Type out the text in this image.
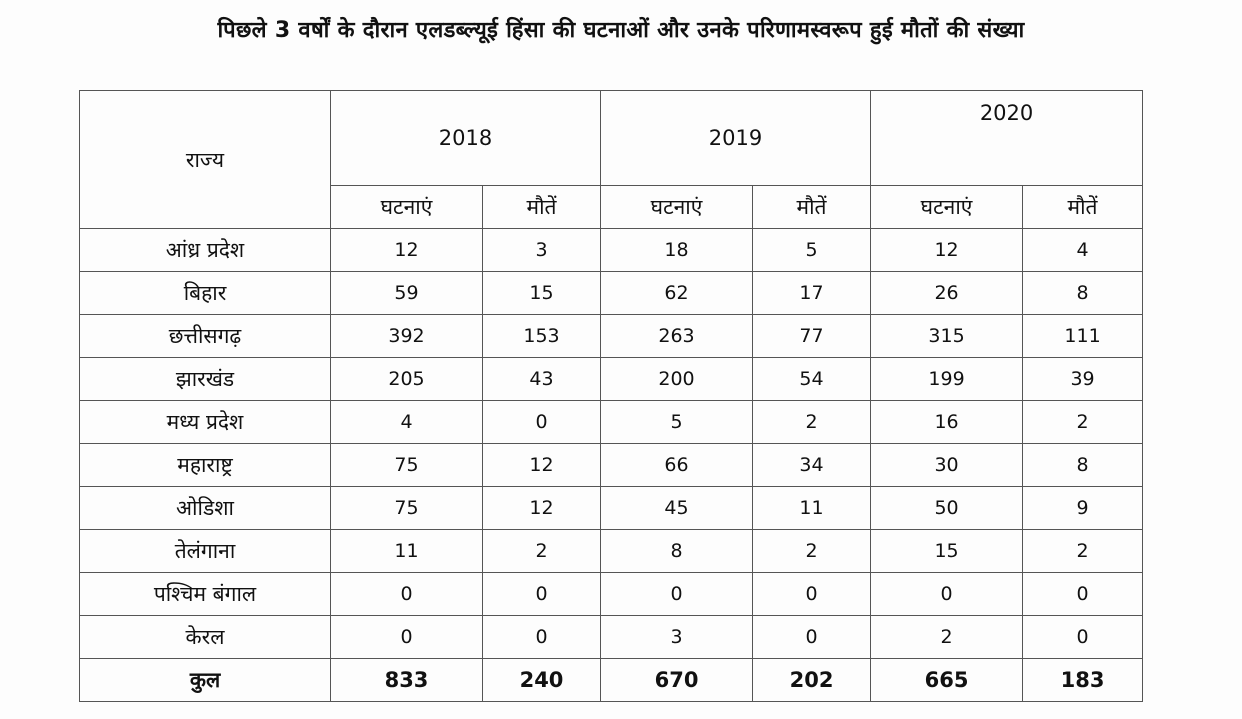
पिछले 3 वर्षों के दौरान एलडब्ल्यूई हिंसा की घटनाओं और उनके परिणामस्वरूप हुई मौतों की संख्या
राज्य	2018		2019		2020	
	घटनाएं	मौतें	घटनाएं	मौतें	घटनाएं	मौतें
आंध्र प्रदेश	12	3	18	5	12	4
बिहार	59	15	62	17	26	8
छत्तीसगढ़	392	153	263	77	315	111
झारखंड	205	43	200	54	199	39
मध्य प्रदेश	4	0	5	2	16	2
महाराष्ट्र	75	12	66	34	30	8
ओडिशा	75	12	45	11	50	9
तेलंगाना	11	2	8	2	15	2
पश्चिम बंगाल	0	0	0	0	0	0
केरल	0	0	3	0	2	0
कुल	833	240	670	202	665	183
